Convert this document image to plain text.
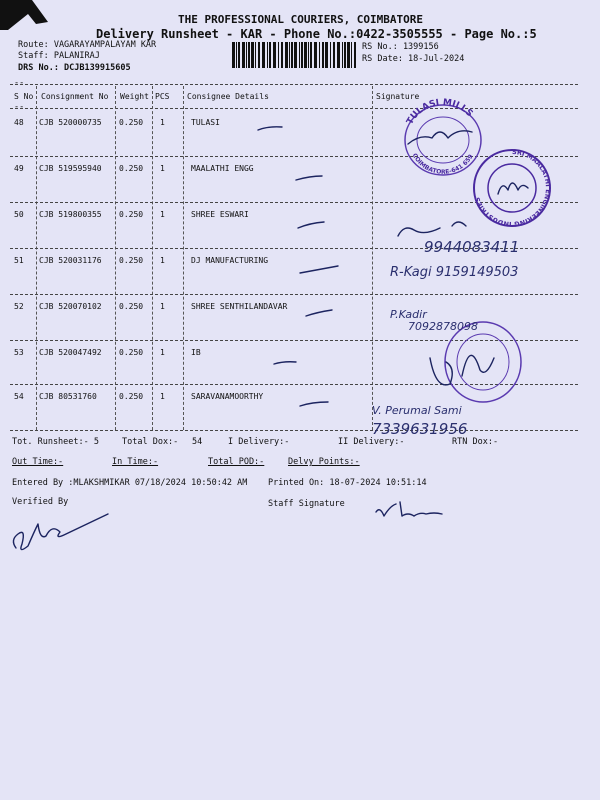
THE PROFESSIONAL COURIERS, COIMBATORE
Delivery Runsheet - KAR - Phone No.:0422-3505555 - Page No.:5
Route: VAGARAYAMPALAYAM KAR
Staff: PALANIRAJ
DRS No.: DCJB139915605
RS No.: 1399156
RS Date: 18-Jul-2024
--
S No Consignment No Weight PCS Consignee Details	Signature
--
48 CJB 520000735 0.250 1	TULASI
49 CJB 519595940 0.250 1	MAALATHI ENGG
50 CJB 519800355 0.250 1	SHREE ESWARI
51 CJB 520031176 0.250 1	DJ MANUFACTURING
52 CJB 520070102 0.250 1	SHREE SENTHILANDAVAR
53 CJB 520047492 0.250 1	IB
54 CJB 80531760	0.250 1	SARAVANAMOORTHY
Tot. Runsheet:- 5	Total Dox:- 54	I Delivery:-	II Delivery:-	RTN Dox:-
Out Time:-	In Time:-	Total POD:-	Delvy Points:-
Entered By :MLAKSHMIKAR 07/18/2024 10:50:42 AM Printed On: 18-07-2024 10:51:14
Verified By	Staff Signature
TULASI MILLS
COIMBATORE-641 659
SRI MAALATHI ENGINEERING INDUSTRIES
9944083411
R-Kagi 9159149503
P.Kadir
7092878098
V. Perumal Sami
7339631956
